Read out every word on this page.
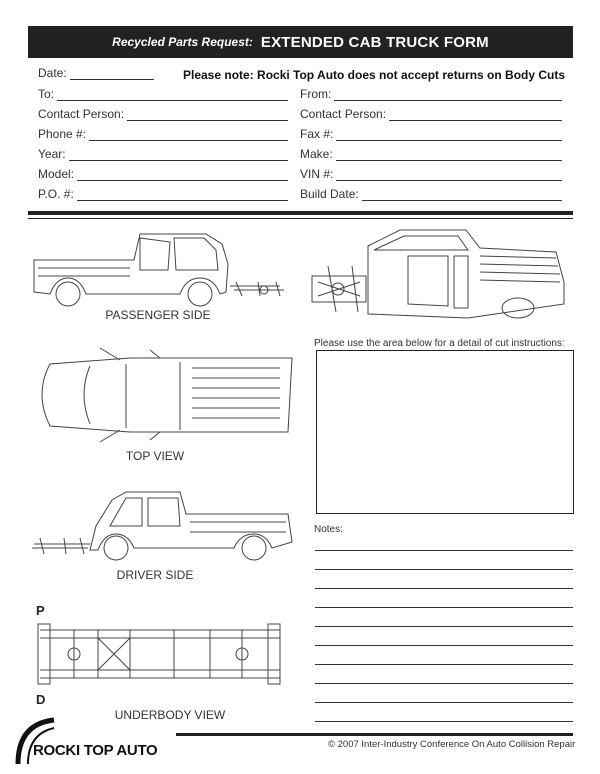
Recycled Parts Request: EXTENDED CAB TRUCK FORM
Please note: Rocki Top Auto does not accept returns on Body Cuts
Date:
To:
Contact Person:
Phone #:
Year:
Model:
P.O. #:
From:
Contact Person:
Fax #:
Make:
VIN #:
Build Date:
PASSENGER SIDE
TOP VIEW
DRIVER SIDE
P
D
UNDERBODY VIEW
Please use the area below for a detail of cut instructions:
Notes:
© 2007 Inter-Industry Conference On Auto Collision Repair
ROCKI TOP AUTO
